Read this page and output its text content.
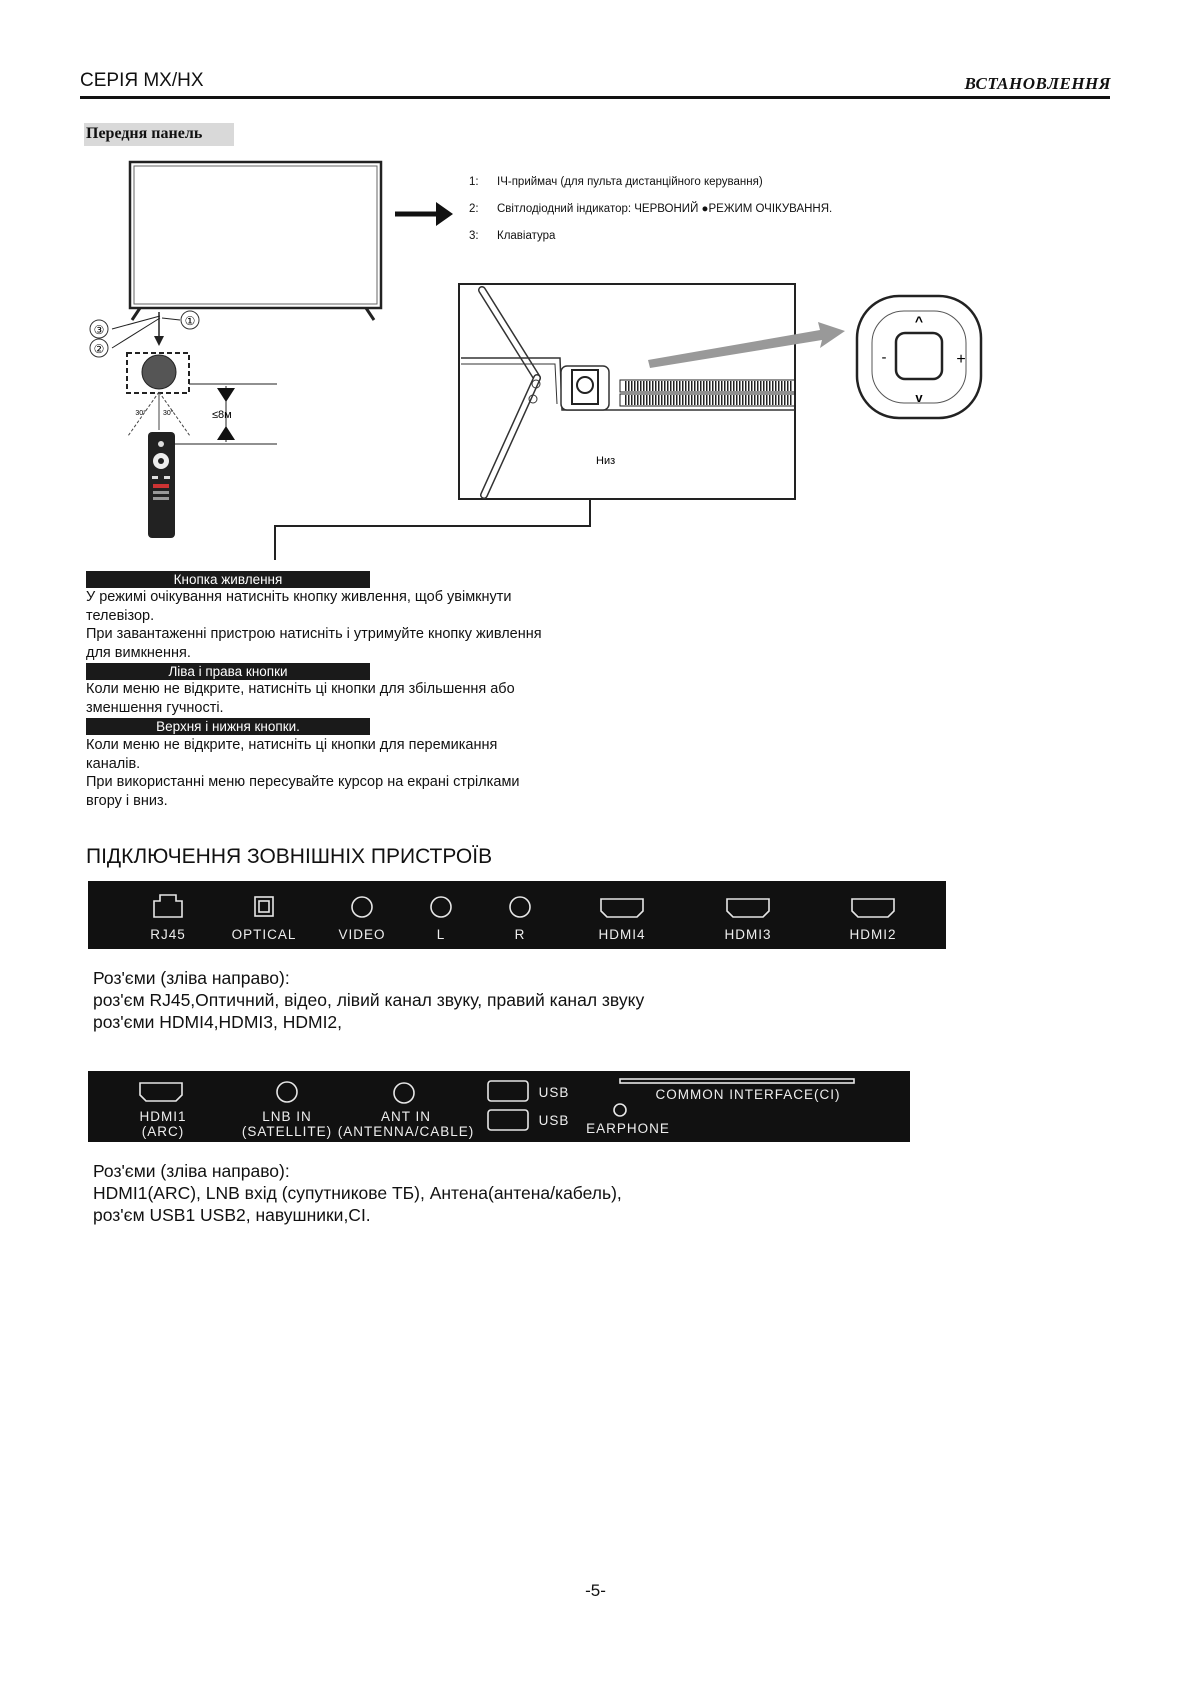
СЕРІЯ MX/HX	ВСТАНОВЛЕННЯ
Передня панель
1: ІЧ-приймач (для пульта дистанційного керування)
2: Світлодіодний індикатор: ЧЕРВОНИЙ ●РЕЖИМ ОЧІКУВАННЯ.
3: Клавіатура
③
②
①
≤8м
30° 30°
Низ
^
v
-	+
Кнопка живлення
У режимі очікування натисніть кнопку живлення, щоб увімкнути
телевізор.
При завантаженні пристрою натисніть і утримуйте кнопку живлення
для вимкнення.
Ліва і права кнопки
Коли меню не відкрите, натисніть ці кнопки для збільшення або
зменшення гучності.
Верхня і нижня кнопки.
Коли меню не відкрите, натисніть ці кнопки для перемикання
каналів.
При використанні меню пересувайте курсор на екрані стрілками
вгору і вниз.
ПІДКЛЮЧЕННЯ ЗОВНІШНІХ ПРИСТРОЇВ
RJ45	OPTICAL	VIDEO	L	R	HDMI4	HDMI3	HDMI2
Роз'єми (зліва направо):
роз'єм RJ45,Оптичний, відео, лівий канал звуку, правий канал звуку
роз'єми HDMI4,HDMI3, HDMI2,
HDMI1
(ARC)
LNB IN
(SATELLITE)
ANT IN
(ANTENNA/CABLE)
USB
USB
EARPHONE
COMMON INTERFACE(CI)
Роз'єми (зліва направо):
HDMI1(ARC), LNB вхід (супутникове ТБ), Антена(антена/кабель),
роз'єм USB1 USB2, навушники,CI.
-5-
